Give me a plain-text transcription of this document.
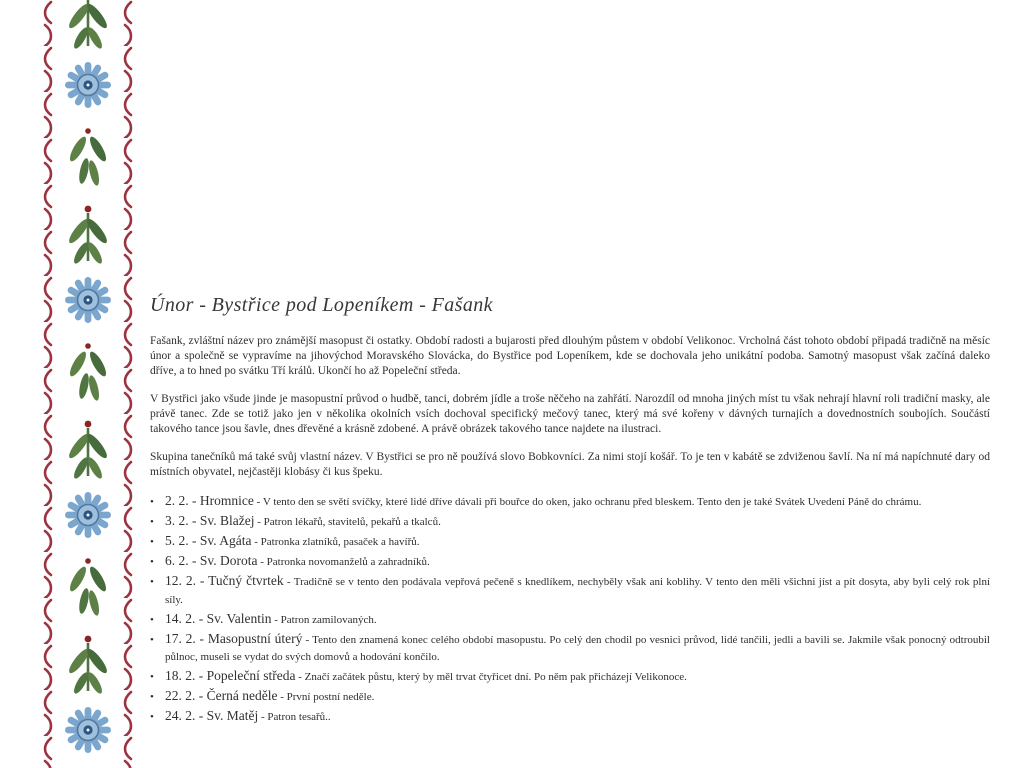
Únor - Bystřice pod Lopeníkem - Fašank

Fašank, zvláštní název pro známější masopust či ostatky. Období radosti a bujarosti před dlouhým půstem v období Velikonoc. Vrcholná část tohoto období připadá tradičně na měsíc únor a společně se vypravíme na jihovýchod Moravského Slovácka, do Bystřice pod Lopeníkem, kde se dochovala jeho unikátní podoba. Samotný masopust však začíná daleko dříve, a to hned po svátku Tří králů. Ukončí ho až Popeleční středa.

V Bystřici jako všude jinde je masopustní průvod o hudbě, tanci, dobrém jídle a troše něčeho na zahřátí. Narozdíl od mnoha jiných míst tu však nehrají hlavní roli tradiční masky, ale právě tanec. Zde se totiž jako jen v několika okolních vsích dochoval specifický mečový tanec, který má své kořeny v dávných turnajích a dovednostních soubojích. Součástí takového tance jsou šavle, dnes dřevěné a krásně zdobené. A právě obrázek takového tance najdete na ilustraci.

Skupina tanečníků má také svůj vlastní název. V Bystřici se pro ně používá slovo Bobkovníci. Za nimi stojí košář. To je ten v kabátě se zdviženou šavlí. Na ní má napíchnuté dary od místních obyvatel, nejčastěji klobásy či kus špeku.

• 2. 2. - Hromnice - V tento den se světí svíčky, které lidé dříve dávali při bouřce do oken, jako ochranu před bleskem. Tento den je také Svátek Uvedení Páně do chrámu.
• 3. 2. - Sv. Blažej - Patron lékařů, stavitelů, pekařů a tkalců.
• 5. 2. - Sv. Agáta - Patronka zlatníků, pasaček a havířů.
• 6. 2. - Sv. Dorota - Patronka novomanželů a zahradníků.
• 12. 2. - Tučný čtvrtek - Tradičně se v tento den podávala vepřová pečeně s knedlíkem, nechyběly však ani koblihy. V tento den měli všichni jíst a pít dosyta, aby byli celý rok plní síly.
• 14. 2. - Sv. Valentin - Patron zamilovaných.
• 17. 2. - Masopustní úterý - Tento den znamená konec celého období masopustu. Po celý den chodil po vesnici průvod, lidé tančili, jedli a bavili se. Jakmile však ponocný odtroubil půlnoc, museli se vydat do svých domovů a hodování končilo.
• 18. 2. - Popeleční středa - Značí začátek půstu, který by měl trvat čtyřicet dní. Po něm pak přicházejí Velikonoce.
• 22. 2. - Černá neděle - První postní neděle.
• 24. 2. - Sv. Matěj - Patron tesařů..
